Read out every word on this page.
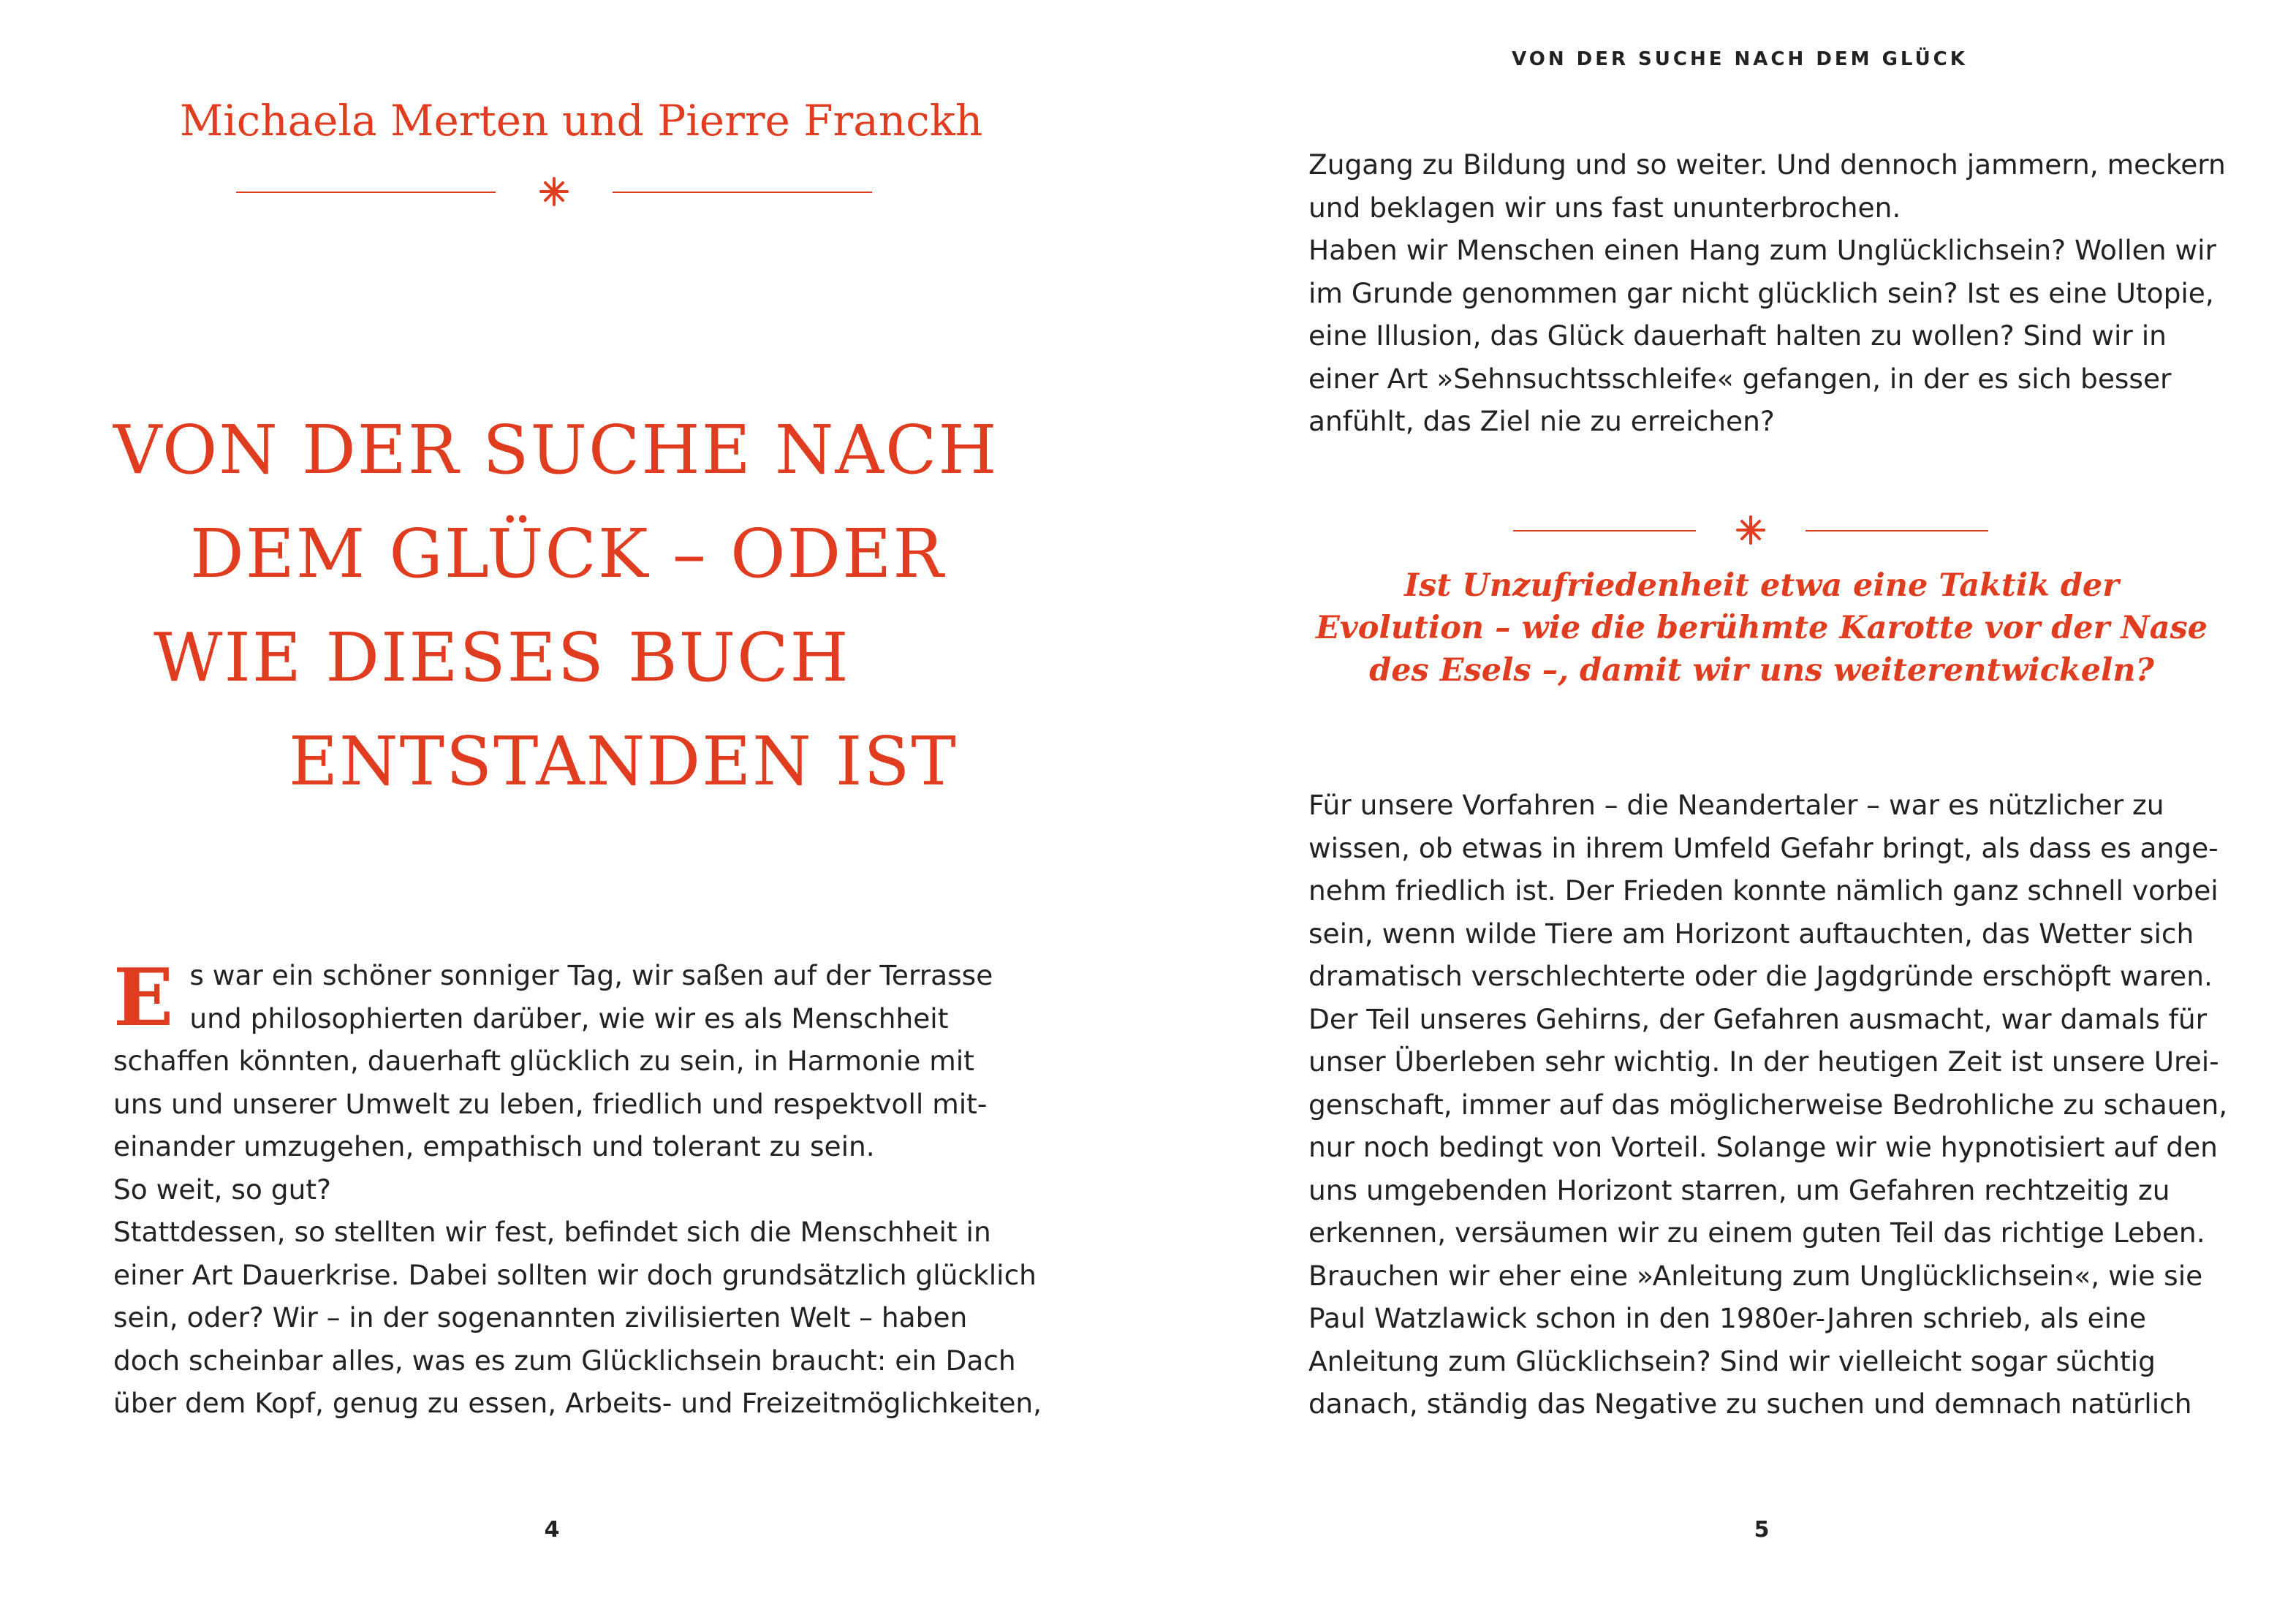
Michaela Merten und Pierre Franckh
VON DER SUCHE NACH
DEM GLÜCK – ODER
WIE DIESES BUCH
ENTSTANDEN IST
E s war ein schöner sonniger Tag, wir saßen auf der Terrasse
und philosophierten darüber, wie wir es als Menschheit
schaffen könnten, dauerhaft glücklich zu sein, in Harmonie mit
uns und unserer Umwelt zu leben, friedlich und respektvoll mit-
einander umzugehen, empathisch und tolerant zu sein.
So weit, so gut?
Stattdessen, so stellten wir fest, befindet sich die Menschheit in
einer Art Dauerkrise. Dabei sollten wir doch grundsätzlich glücklich
sein, oder? Wir – in der sogenannten zivilisierten Welt – haben
doch scheinbar alles, was es zum Glücklichsein braucht: ein Dach
über dem Kopf, genug zu essen, Arbeits- und Freizeitmöglichkeiten,
4
VON DER SUCHE NACH DEM GLÜCK
Zugang zu Bildung und so weiter. Und dennoch jammern, meckern
und beklagen wir uns fast ununterbrochen.
Haben wir Menschen einen Hang zum Unglücklichsein? Wollen wir
im Grunde genommen gar nicht glücklich sein? Ist es eine Utopie,
eine Illusion, das Glück dauerhaft halten zu wollen? Sind wir in
einer Art »Sehnsuchtsschleife« gefangen, in der es sich besser
anfühlt, das Ziel nie zu erreichen?
Ist Unzufriedenheit etwa eine Taktik der
Evolution – wie die berühmte Karotte vor der Nase
des Esels –, damit wir uns weiterentwickeln?
Für unsere Vorfahren – die Neandertaler – war es nützlicher zu
wissen, ob etwas in ihrem Umfeld Gefahr bringt, als dass es ange-
nehm friedlich ist. Der Frieden konnte nämlich ganz schnell vorbei
sein, wenn wilde Tiere am Horizont auftauchten, das Wetter sich
dramatisch verschlechterte oder die Jagdgründe erschöpft waren.
Der Teil unseres Gehirns, der Gefahren ausmacht, war damals für
unser Überleben sehr wichtig. In der heutigen Zeit ist unsere Urei-
genschaft, immer auf das möglicherweise Bedrohliche zu schauen,
nur noch bedingt von Vorteil. Solange wir wie hypnotisiert auf den
uns umgebenden Horizont starren, um Gefahren rechtzeitig zu
erkennen, versäumen wir zu einem guten Teil das richtige Leben.
Brauchen wir eher eine »Anleitung zum Unglücklichsein«, wie sie
Paul Watzlawick schon in den 1980er-Jahren schrieb, als eine
Anleitung zum Glücklichsein? Sind wir vielleicht sogar süchtig
danach, ständig das Negative zu suchen und demnach natürlich
5
